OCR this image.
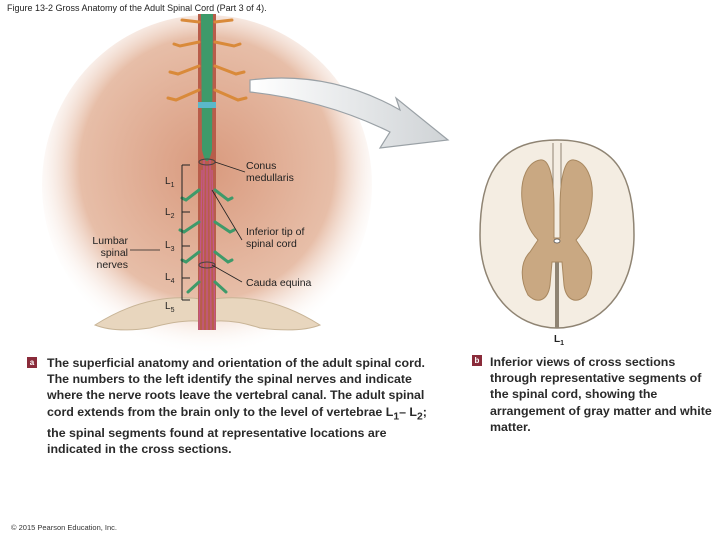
Figure 13-2 Gross Anatomy of the Adult Spinal Cord (Part 3 of 4).
Conus medullaris
Inferior tip of spinal cord
Cauda equina
Lumbar spinal nerves
$L_1$
$L_2$
$L_3$
$L_4$
$L_5$
$L_1$
a The superficial anatomy and orientation of the adult spinal cord. The numbers to the left identify the spinal nerves and indicate where the nerve roots leave the vertebral canal. The adult spinal cord extends from the brain only to the level of vertebrae $L_1-$ $L_2$; the spinal segments found at representative locations are indicated in the cross sections.
b Inferior views of cross sections through representative segments of the spinal cord, showing the arrangement of gray matter and white matter.
© 2015 Pearson Education, Inc.
